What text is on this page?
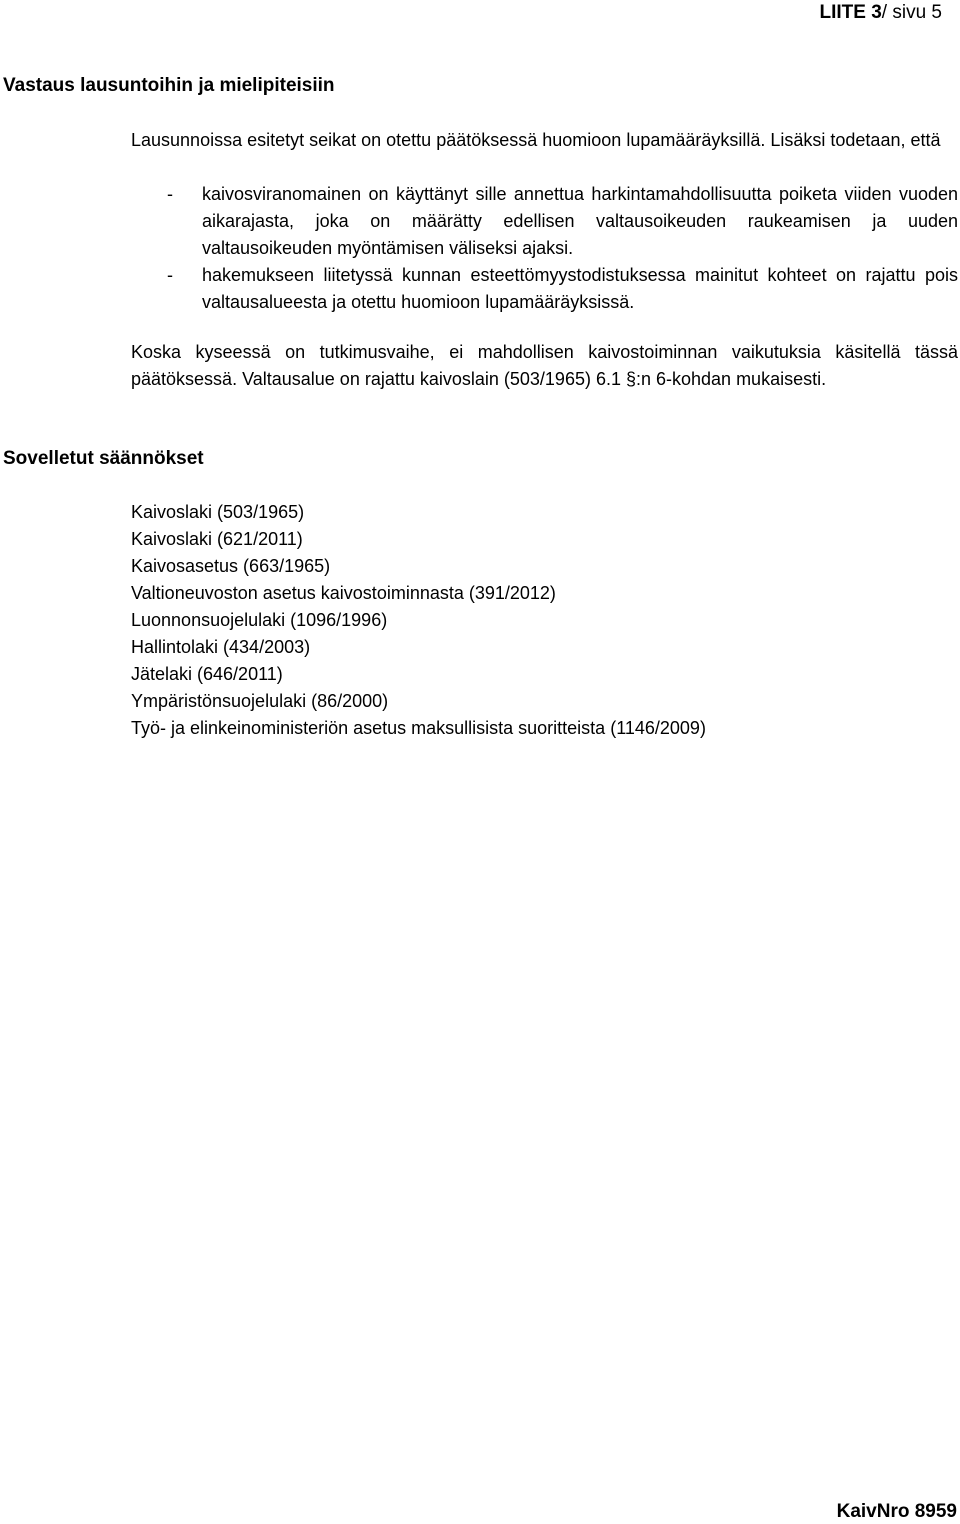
LIITE 3/ sivu 5
Vastaus lausuntoihin ja mielipiteisiin
Lausunnoissa esitetyt seikat on otettu päätöksessä huomioon lupamääräyksillä. Lisäksi todetaan, että
- kaivosviranomainen on käyttänyt sille annettua harkintamahdollisuutta poiketa viiden vuoden aikarajasta, joka on määrätty edellisen valtausoikeuden raukeamisen ja uuden valtausoikeuden myöntämisen väliseksi ajaksi.
- hakemukseen liitetyssä kunnan esteettömyystodistuksessa mainitut kohteet on rajattu pois valtausalueesta ja otettu huomioon lupamääräyksissä.
Koska kyseessä on tutkimusvaihe, ei mahdollisen kaivostoiminnan vaikutuksia käsitellä tässä päätöksessä. Valtausalue on rajattu kaivoslain (503/1965) 6.1 §:n 6-kohdan mukaisesti.
Sovelletut säännökset
Kaivoslaki (503/1965)
Kaivoslaki (621/2011)
Kaivosasetus (663/1965)
Valtioneuvoston asetus kaivostoiminnasta (391/2012)
Luonnonsuojelulaki (1096/1996)
Hallintolaki (434/2003)
Jätelaki (646/2011)
Ympäristönsuojelulaki (86/2000)
Työ- ja elinkeinoministeriön asetus maksullisista suoritteista (1146/2009)
KaivNro 8959
